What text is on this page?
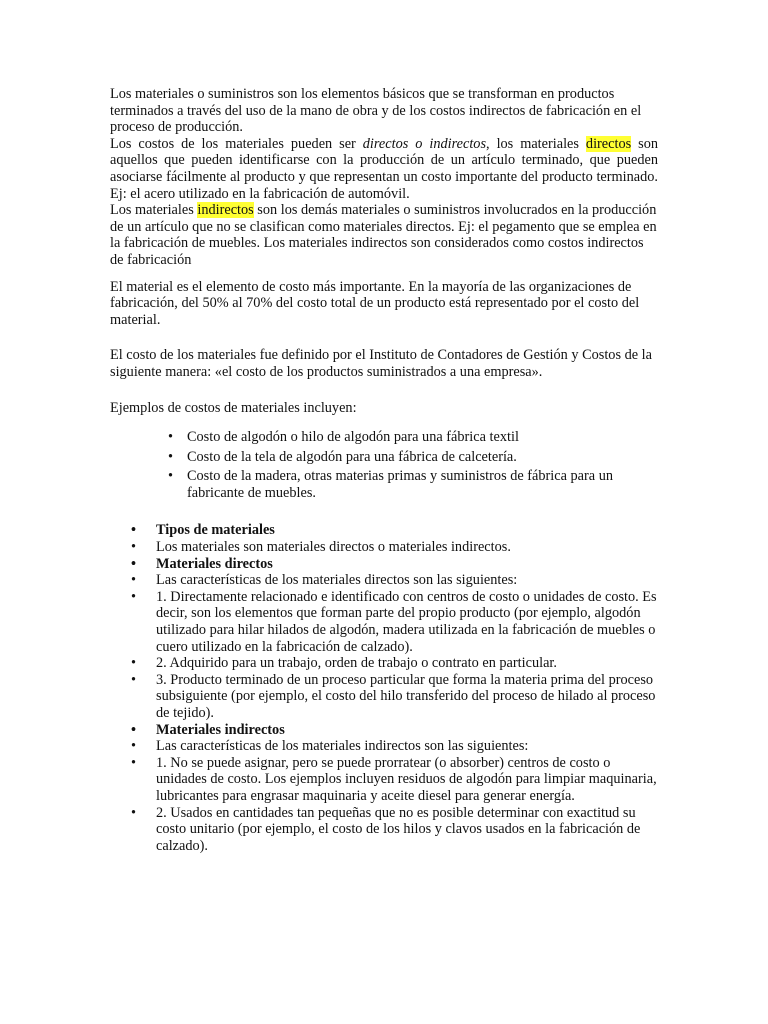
Los materiales o suministros son los elementos básicos que se transforman en productos terminados a través del uso de la mano de obra y de los costos indirectos de fabricación en el proceso de producción.

Los costos de los materiales pueden ser directos o indirectos, los materiales directos son aquellos que pueden identificarse con la producción de un artículo terminado, que pueden asociarse fácilmente al producto y que representan un costo importante del producto terminado. Ej: el acero utilizado en la fabricación de automóvil.

Los materiales indirectos son los demás materiales o suministros involucrados en la producción de un artículo que no se clasifican como materiales directos. Ej: el pegamento que se emplea en la fabricación de muebles. Los materiales indirectos son considerados como costos indirectos de fabricación

El material es el elemento de costo más importante. En la mayoría de las organizaciones de fabricación, del 50% al 70% del costo total de un producto está representado por el costo del material.

El costo de los materiales fue definido por el Instituto de Contadores de Gestión y Costos de la siguiente manera: «el costo de los productos suministrados a una empresa».

Ejemplos de costos de materiales incluyen:

• Costo de algodón o hilo de algodón para una fábrica textil
• Costo de la tela de algodón para una fábrica de calcetería.
• Costo de la madera, otras materias primas y suministros de fábrica para un fabricante de muebles.
• Tipos de materiales
• Los materiales son materiales directos o materiales indirectos.
• Materiales directos
• Las características de los materiales directos son las siguientes:
• 1. Directamente relacionado e identificado con centros de costo o unidades de costo. Es decir, son los elementos que forman parte del propio producto (por ejemplo, algodón utilizado para hilar hilados de algodón, madera utilizada en la fabricación de muebles o cuero utilizado en la fabricación de calzado).
• 2. Adquirido para un trabajo, orden de trabajo o contrato en particular.
• 3. Producto terminado de un proceso particular que forma la materia prima del proceso subsiguiente (por ejemplo, el costo del hilo transferido del proceso de hilado al proceso de tejido).
• Materiales indirectos
• Las características de los materiales indirectos son las siguientes:
• 1. No se puede asignar, pero se puede prorratear (o absorber) centros de costo o unidades de costo. Los ejemplos incluyen residuos de algodón para limpiar maquinaria, lubricantes para engrasar maquinaria y aceite diesel para generar energía.
• 2. Usados en cantidades tan pequeñas que no es posible determinar con exactitud su costo unitario (por ejemplo, el costo de los hilos y clavos usados en la fabricación de calzado).
